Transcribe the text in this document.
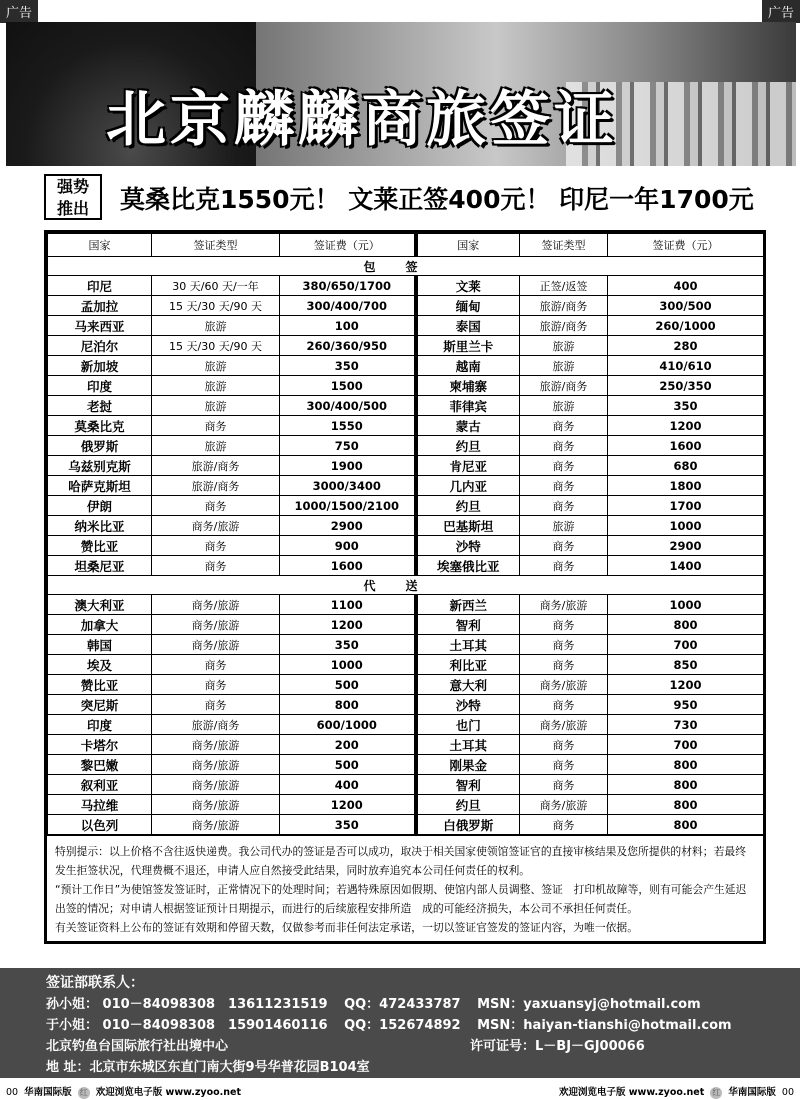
广告	广告
北京麟麟商旅签证
强势
推出	莫桑比克1550元！ 文莱正签400元！ 印尼一年1700元
国家	签证类型	签证费（元）	国家	签证类型	签证费（元）
包签					
印尼	30 天/60 天/一年	380/650/1700	文莱	正签/返签	400
孟加拉	15 天/30 天/90 天	300/400/700	缅甸	旅游/商务	300/500
马来西亚	旅游	100	泰国	旅游/商务	260/1000
尼泊尔	15 天/30 天/90 天	260/360/950	斯里兰卡	旅游	280
新加坡	旅游	350	越南	旅游	410/610
印度	旅游	1500	柬埔寨	旅游/商务	250/350
老挝	旅游	300/400/500	菲律宾	旅游	350
莫桑比克	商务	1550	蒙古	商务	1200
俄罗斯	旅游	750	约旦	商务	1600
乌兹别克斯	旅游/商务	1900	肯尼亚	商务	680
哈萨克斯坦	旅游/商务	3000/3400	几内亚	商务	1800
伊朗	商务	1000/1500/2100	约旦	商务	1700
纳米比亚	商务/旅游	2900	巴基斯坦	旅游	1000
赞比亚	商务	900	沙特	商务	2900
坦桑尼亚	商务	1600	埃塞俄比亚	商务	1400
代送					
澳大利亚	商务/旅游	1100	新西兰	商务/旅游	1000
加拿大	商务/旅游	1200	智利	商务	800
韩国	商务/旅游	350	土耳其	商务	700
埃及	商务	1000	利比亚	商务	850
赞比亚	商务	500	意大利	商务/旅游	1200
突尼斯	商务	800	沙特	商务	950
印度	旅游/商务	600/1000	也门	商务/旅游	730
卡塔尔	商务/旅游	200	土耳其	商务	700
黎巴嫩	商务/旅游	500	刚果金	商务	800
叙利亚	商务/旅游	400	智利	商务	800
马拉维	商务/旅游	1200	约旦	商务/旅游	800
以色列	商务/旅游	350	白俄罗斯	商务	800
特别提示：以上价格不含往返快递费。我公司代办的签证是否可以成功，取决于相关国家使领馆签证官的直接审核结果及您所提供的材料；若最终发生拒签状况，代理费概不退还，申请人应自然接受此结果，同时放弃追究本公司任何责任的权利。
“预计工作日”为使馆签发签证时，正常情况下的处理时间；若遇特殊原因如假期、使馆内部人员调整、签证　打印机故障等，则有可能会产生延迟出签的情况；对申请人根据签证预计日期提示，而进行的后续旅程安排所造　成的可能经济损失，本公司不承担任何责任。
有关签证资料上公布的签证有效期和停留天数，仅做参考而非任何法定承诺，一切以签证官签发的签证内容，为唯一依据。
签证部联系人：
孙小姐： 010－84098308　13611231519 QQ：472433787 MSN：yaxuansyj@hotmail.com
于小姐： 010－84098308　15901460116 QQ：152674892 MSN：haiyan-tianshi@hotmail.com
北京钓鱼台国际旅行社出境中心	许可证号：L－BJ－GJ00066
地 址：北京市东城区东直门南大街9号华普花园B104室
00 华南国际版 红 欢迎浏览电子版 www.zyoo.net	欢迎浏览电子版 www.zyoo.net 红 华南国际版 00
